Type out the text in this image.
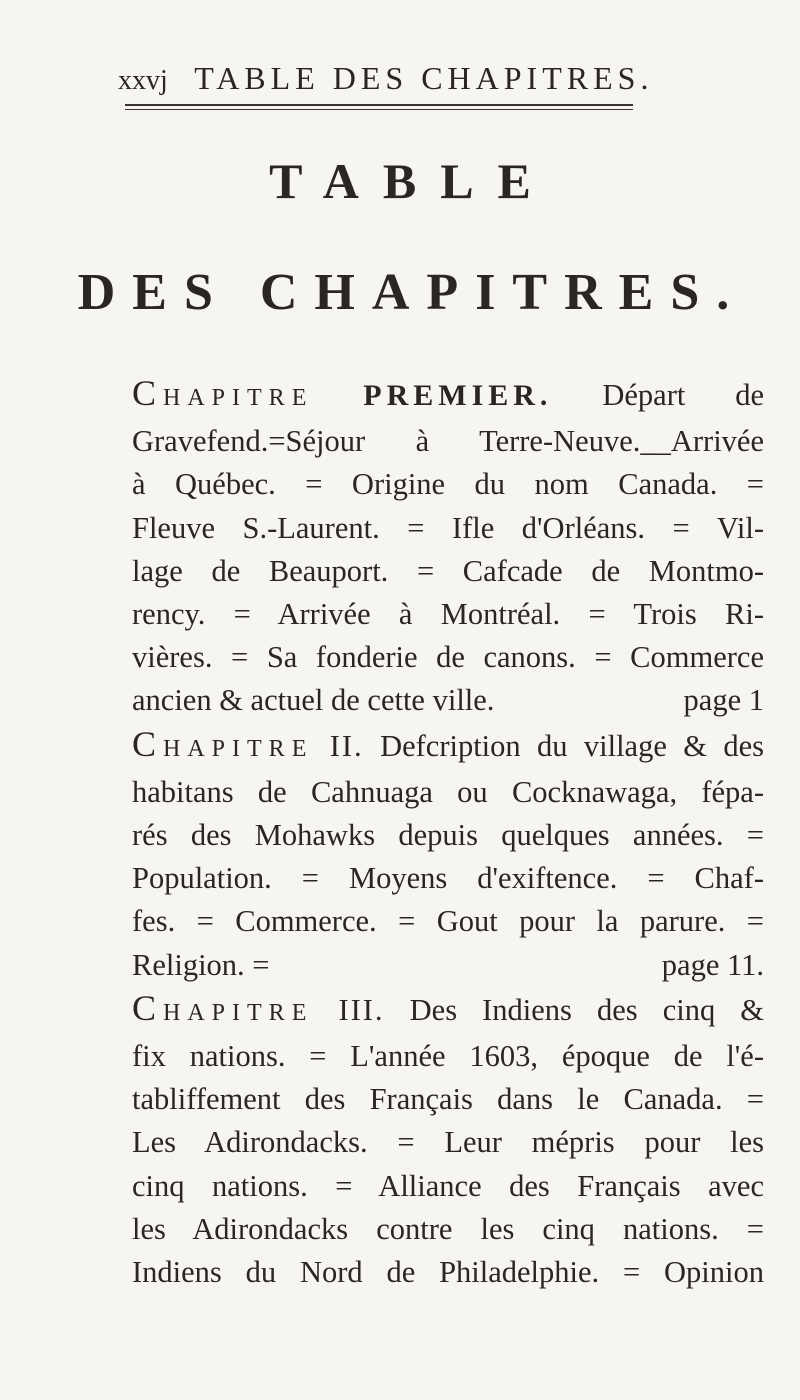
xxvj TABLE DES CHAPITRES.
TABLE
DES CHAPITRES.
CHAPITRE PREMIER. Départ de
Gravefend.=Séjour à Terre-Neuve.__Arrivée
à Québec. = Origine du nom Canada. =
Fleuve S.-Laurent. = Ifle d'Orléans. = Vil-
lage de Beauport. = Cafcade de Montmo-
rency. = Arrivée à Montréal. = Trois Ri-
vières. = Sa fonderie de canons. = Commerce
ancien & actuel de cette ville.	page 1
CHAPITRE II. Defcription du village & des
habitans de Cahnuaga ou Cocknawaga, fépa-
rés des Mohawks depuis quelques années. =
Population. = Moyens d'exiftence. = Chaf-
fes. = Commerce. = Gout pour la parure. =
Religion. =	page 11.
CHAPITRE III. Des Indiens des cinq &
fix nations. = L'année 1603, époque de l'é-
tabliffement des Français dans le Canada. =
Les Adirondacks. = Leur mépris pour les
cinq nations. = Alliance des Français avec
les Adirondacks contre les cinq nations. =
Indiens du Nord de Philadelphie. = Opinion
